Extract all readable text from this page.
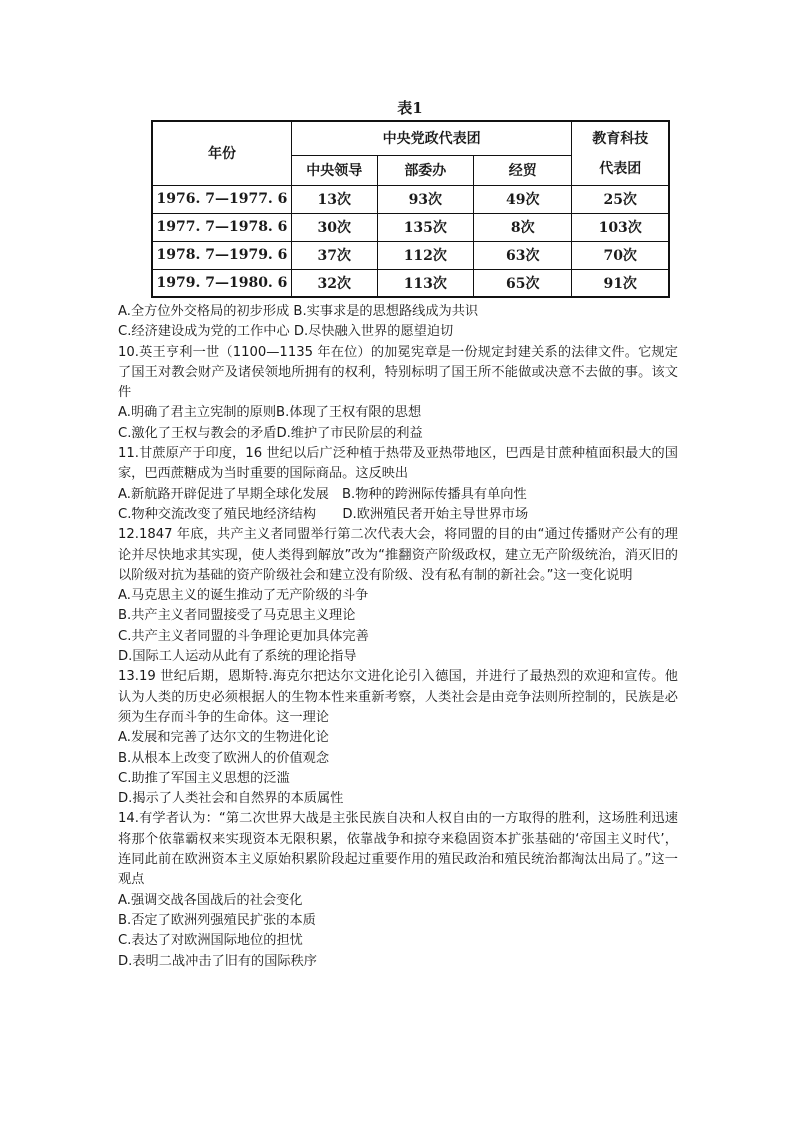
表1
年份	中央党政代表团			教育科技
代表团

	中央领导	部委办	经贸	
1976. 7—1977. 6	13次	93次	49次	25次
1977. 7—1978. 6	30次	135次	8次	103次
1978. 7—1979. 6	37次	112次	63次	70次
1979. 7—1980. 6	32次	113次	65次	91次
A.全方位外交格局的初步形成 B.实事求是的思想路线成为共识
C.经济建设成为党的工作中心 D.尽快融入世界的愿望迫切
10.英王亨利一世（1100—1135 年在位）的加冕宪章是一份规定封建关系的法律文件。它规定了国王对教会财产及诸侯领地所拥有的权利，特别标明了国王所不能做或决意不去做的事。该文件
A.明确了君主立宪制的原则B.体现了王权有限的思想
C.激化了王权与教会的矛盾D.维护了市民阶层的利益
11.甘蔗原产于印度，16 世纪以后广泛种植于热带及亚热带地区，巴西是甘蔗种植面积最大的国家，巴西蔗糖成为当时重要的国际商品。这反映出
A.新航路开辟促进了早期全球化发展　B.物种的跨洲际传播具有单向性
C.物种交流改变了殖民地经济结构　　D.欧洲殖民者开始主导世界市场
12.1847 年底，共产主义者同盟举行第二次代表大会，将同盟的目的由“通过传播财产公有的理论并尽快地求其实现，使人类得到解放”改为“推翻资产阶级政权，建立无产阶级统治，消灭旧的以阶级对抗为基础的资产阶级社会和建立没有阶级、没有私有制的新社会。”这一变化说明
A.马克思主义的诞生推动了无产阶级的斗争
B.共产主义者同盟接受了马克思主义理论
C.共产主义者同盟的斗争理论更加具体完善
D.国际工人运动从此有了系统的理论指导
13.19 世纪后期，恩斯特.海克尔把达尔文进化论引入德国，并进行了最热烈的欢迎和宣传。他认为人类的历史必须根据人的生物本性来重新考察，人类社会是由竞争法则所控制的，民族是必须为生存而斗争的生命体。这一理论
A.发展和完善了达尔文的生物进化论
B.从根本上改变了欧洲人的价值观念
C.助推了军国主义思想的泛滥
D.揭示了人类社会和自然界的本质属性
14.有学者认为：“第二次世界大战是主张民族自决和人权自由的一方取得的胜利，这场胜利迅速将那个依靠霸权来实现资本无限积累，依靠战争和掠夺来稳固资本扩张基础的‘帝国主义时代’，连同此前在欧洲资本主义原始积累阶段起过重要作用的殖民政治和殖民统治都淘汰出局了。”这一观点
A.强调交战各国战后的社会变化
B.否定了欧洲列强殖民扩张的本质
C.表达了对欧洲国际地位的担忧
D.表明二战冲击了旧有的国际秩序
